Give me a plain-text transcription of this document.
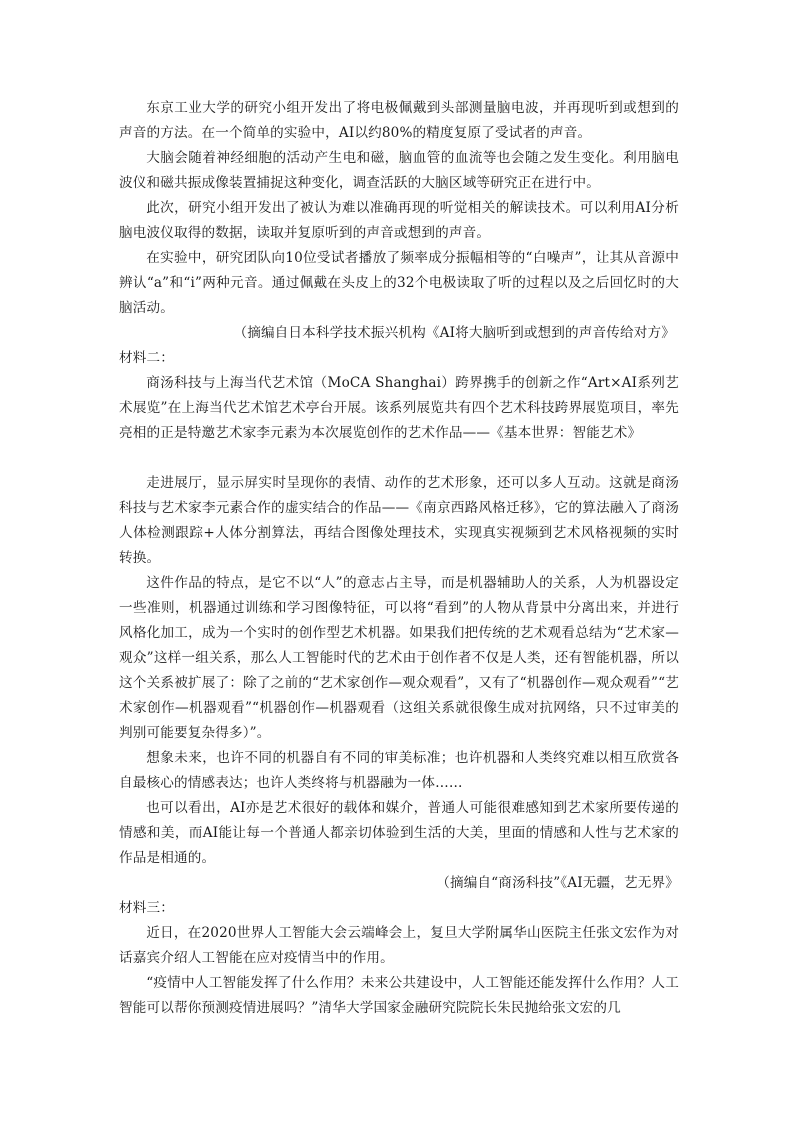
东京工业大学的研究小组开发出了将电极佩戴到头部测量脑电波，并再现听到或想到的声音的方法。在一个简单的实验中，AI以约80%的精度复原了受试者的声音。

大脑会随着神经细胞的活动产生电和磁，脑血管的血流等也会随之发生变化。利用脑电波仪和磁共振成像装置捕捉这种变化，调查活跃的大脑区域等研究正在进行中。

此次，研究小组开发出了被认为难以准确再现的听觉相关的解读技术。可以利用AI分析脑电波仪取得的数据，读取并复原听到的声音或想到的声音。

在实验中，研究团队向10位受试者播放了频率成分振幅相等的“白噪声”，让其从音源中辨认“a”和“i”两种元音。通过佩戴在头皮上的32个电极读取了听的过程以及之后回忆时的大脑活动。

（摘编自日本科学技术振兴机构《AI将大脑听到或想到的声音传给对方》

材料二：

商汤科技与上海当代艺术馆（MoCA Shanghai）跨界携手的创新之作“Art×AI系列艺术展览”在上海当代艺术馆艺术亭台开展。该系列展览共有四个艺术科技跨界展览项目，率先亮相的正是特邀艺术家李元素为本次展览创作的艺术作品——《基本世界：智能艺术》

走进展厅，显示屏实时呈现你的表情、动作的艺术形象，还可以多人互动。这就是商汤科技与艺术家李元素合作的虚实结合的作品——《南京西路风格迁移》，它的算法融入了商汤人体检测跟踪+人体分割算法，再结合图像处理技术，实现真实视频到艺术风格视频的实时转换。

这件作品的特点，是它不以“人”的意志占主导，而是机器辅助人的关系，人为机器设定一些准则，机器通过训练和学习图像特征，可以将“看到”的人物从背景中分离出来，并进行风格化加工，成为一个实时的创作型艺术机器。如果我们把传统的艺术观看总结为“艺术家—观众”这样一组关系，那么人工智能时代的艺术由于创作者不仅是人类，还有智能机器，所以这个关系被扩展了：除了之前的“艺术家创作—观众观看”，又有了“机器创作—观众观看”“艺术家创作—机器观看”“机器创作—机器观看（这组关系就很像生成对抗网络，只不过审美的判别可能要复杂得多）”。

想象未来，也许不同的机器自有不同的审美标准；也许机器和人类终究难以相互欣赏各自最核心的情感表达；也许人类终将与机器融为一体……

也可以看出，AI亦是艺术很好的载体和媒介，普通人可能很难感知到艺术家所要传递的情感和美，而AI能让每一个普通人都亲切体验到生活的大美，里面的情感和人性与艺术家的作品是相通的。

（摘编自“商汤科技”《AI无疆，艺无界》

材料三：

近日，在2020世界人工智能大会云端峰会上，复旦大学附属华山医院主任张文宏作为对话嘉宾介绍人工智能在应对疫情当中的作用。

“疫情中人工智能发挥了什么作用？未来公共建设中，人工智能还能发挥什么作用？人工智能可以帮你预测疫情进展吗？”清华大学国家金融研究院院长朱民抛给张文宏的几
